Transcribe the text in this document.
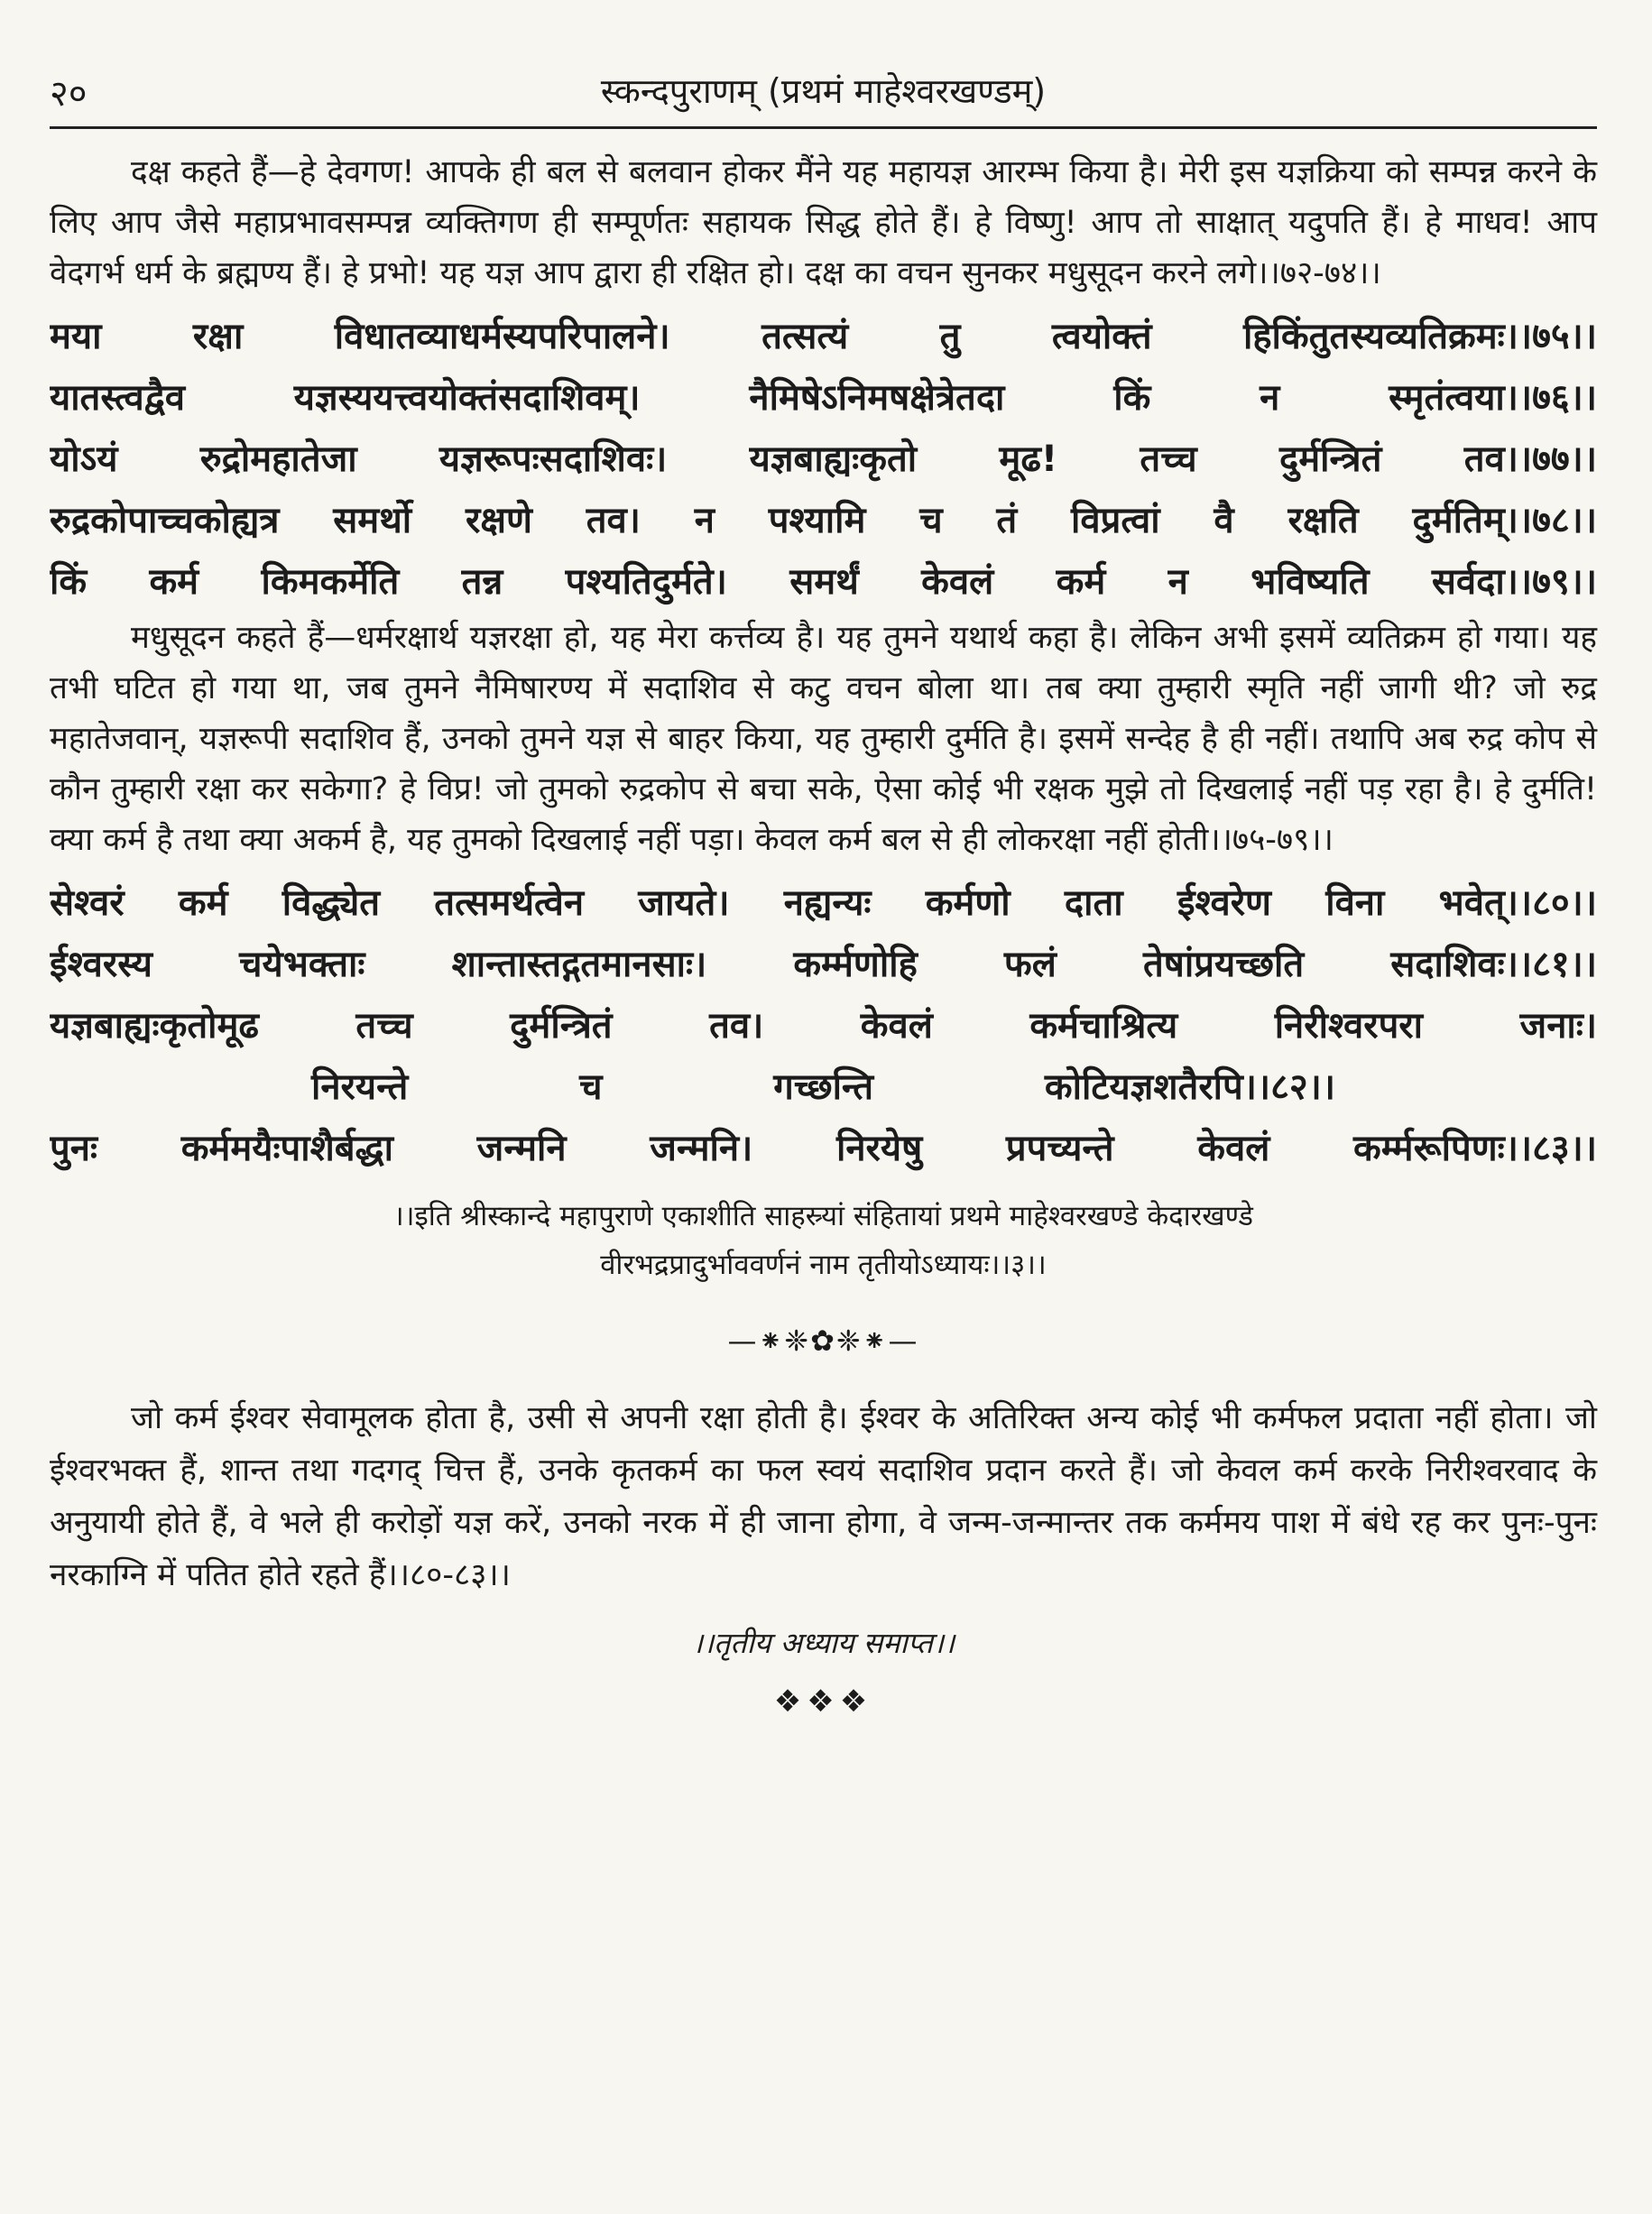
२०	स्कन्दपुराणम् (प्रथमं माहेश्वरखण्डम्)

दक्ष कहते हैं—हे देवगण! आपके ही बल से बलवान होकर मैंने यह महायज्ञ आरम्भ किया है। मेरी इस यज्ञक्रिया को सम्पन्न करने के लिए आप जैसे महाप्रभावसम्पन्न व्यक्तिगण ही सम्पूर्णतः सहायक सिद्ध होते हैं। हे विष्णु! आप तो साक्षात् यदुपति हैं। हे माधव! आप वेदगर्भ धर्म के ब्रह्मण्य हैं। हे प्रभो! यह यज्ञ आप द्वारा ही रक्षित हो। दक्ष का वचन सुनकर मधुसूदन करने लगे।।७२-७४।।

मया रक्षा विधातव्याधर्मस्यपरिपालने। तत्सत्यं तु त्वयोक्तं हिकिंतुतस्यव्यतिक्रमः।।७५।।
यातस्त्वद्वैव यज्ञस्ययत्त्वयोक्तंसदाशिवम्। नैमिषेऽनिमषक्षेत्रेतदा किं न स्मृतंत्वया।।७६।।
योऽयं रुद्रोमहातेजा यज्ञरूपःसदाशिवः। यज्ञबाह्यःकृतो मूढ! तच्च दुर्मन्त्रितं तव।।७७।।
रुद्रकोपाच्चकोह्यत्र समर्थो रक्षणे तव। न पश्यामि च तं विप्रत्वां वै रक्षति दुर्मतिम्।।७८।।
किं कर्म किमकर्मेति तन्न पश्यतिदुर्मते। समर्थं केवलं कर्म न भविष्यति सर्वदा।।७९।।

मधुसूदन कहते हैं—धर्मरक्षार्थ यज्ञरक्षा हो, यह मेरा कर्त्तव्य है। यह तुमने यथार्थ कहा है। लेकिन अभी इसमें व्यतिक्रम हो गया। यह तभी घटित हो गया था, जब तुमने नैमिषारण्य में सदाशिव से कटु वचन बोला था। तब क्या तुम्हारी स्मृति नहीं जागी थी? जो रुद्र महातेजवान्, यज्ञरूपी सदाशिव हैं, उनको तुमने यज्ञ से बाहर किया, यह तुम्हारी दुर्मति है। इसमें सन्देह है ही नहीं। तथापि अब रुद्र कोप से कौन तुम्हारी रक्षा कर सकेगा? हे विप्र! जो तुमको रुद्रकोप से बचा सके, ऐसा कोई भी रक्षक मुझे तो दिखलाई नहीं पड़ रहा है। हे दुर्मति! क्या कर्म है तथा क्या अकर्म है, यह तुमको दिखलाई नहीं पड़ा। केवल कर्म बल से ही लोकरक्षा नहीं होती।।७५-७९।।

सेश्वरं कर्म विद्ध्येत तत्समर्थत्वेन जायते। नह्यन्यः कर्मणो दाता ईश्वरेण विना भवेत्।।८०।।
ईश्वरस्य चयेभक्ताः शान्तास्तद्गतमानसाः। कर्म्मणोहि फलं तेषांप्रयच्छति सदाशिवः।।८१।।
यज्ञबाह्यःकृतोमूढ तच्च दुर्मन्त्रितं तव। केवलं कर्मचाश्रित्य निरीश्वरपरा जनाः।
निरयन्ते च गच्छन्ति कोटियज्ञशतैरपि।।८२।।
पुनः कर्ममयैःपाशैर्बद्धा जन्मनि जन्मनि। निरयेषु प्रपच्यन्ते केवलं कर्म्मरूपिणः।।८३।।
।।इति श्रीस्कान्दे महापुराणे एकाशीति साहस्र्यां संहितायां प्रथमे माहेश्वरखण्डे केदारखण्डे
वीरभद्रप्रादुर्भाववर्णनं नाम तृतीयोऽध्यायः।।३।।
—⁕❈✿❈⁕—

जो कर्म ईश्वर सेवामूलक होता है, उसी से अपनी रक्षा होती है। ईश्वर के अतिरिक्त अन्य कोई भी कर्मफल प्रदाता नहीं होता। जो ईश्वरभक्त हैं, शान्त तथा गदगद् चित्त हैं, उनके कृतकर्म का फल स्वयं सदाशिव प्रदान करते हैं। जो केवल कर्म करके निरीश्वरवाद के अनुयायी होते हैं, वे भले ही करोड़ों यज्ञ करें, उनको नरक में ही जाना होगा, वे जन्म-जन्मान्तर तक कर्ममय पाश में बंधे रह कर पुनः-पुनः नरकाग्नि में पतित होते रहते हैं।।८०-८३।।

।।तृतीय अध्याय समाप्त।।
❖❖❖
